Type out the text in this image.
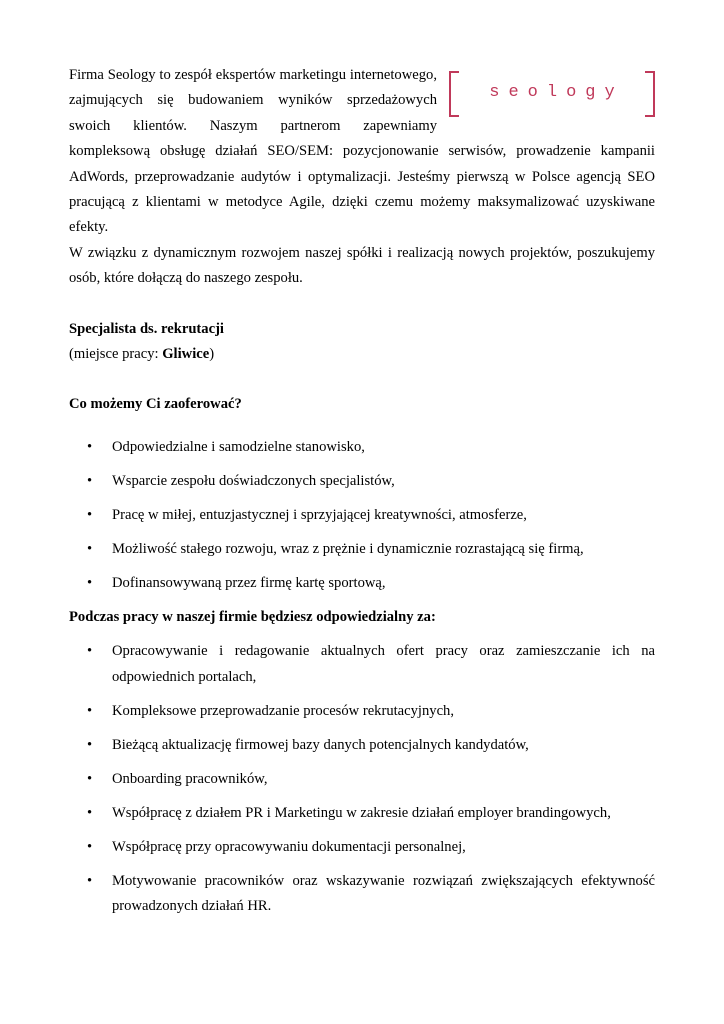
seology

Firma Seology to zespół ekspertów marketingu internetowego, zajmujących się budowaniem wyników sprzedażowych swoich klientów. Naszym partnerom zapewniamy kompleksową obsługę działań SEO/SEM: pozycjonowanie serwisów, prowadzenie kampanii AdWords, przeprowadzanie audytów i optymalizacji. Jesteśmy pierwszą w Polsce agencją SEO pracującą z klientami w metodyce Agile, dzięki czemu możemy maksymalizować uzyskiwane efekty.

W związku z dynamicznym rozwojem naszej spółki i realizacją nowych projektów, poszukujemy osób, które dołączą do naszego zespołu.

Specjalista ds. rekrutacji

(miejsce pracy: Gliwice)

Co możemy Ci zaoferować?

• Odpowiedzialne i samodzielne stanowisko,
• Wsparcie zespołu doświadczonych specjalistów,
• Pracę w miłej, entuzjastycznej i sprzyjającej kreatywności, atmosferze,
• Możliwość stałego rozwoju, wraz z prężnie i dynamicznie rozrastającą się firmą,
• Dofinansowywaną przez firmę kartę sportową,

Podczas pracy w naszej firmie będziesz odpowiedzialny za:

• Opracowywanie i redagowanie aktualnych ofert pracy oraz zamieszczanie ich na odpowiednich portalach,
• Kompleksowe przeprowadzanie procesów rekrutacyjnych,
• Bieżącą aktualizację firmowej bazy danych potencjalnych kandydatów,
• Onboarding pracowników,
• Współpracę z działem PR i Marketingu w zakresie działań employer brandingowych,
• Współpracę przy opracowywaniu dokumentacji personalnej,
• Motywowanie pracowników oraz wskazywanie rozwiązań zwiększających efektywność prowadzonych działań HR.
